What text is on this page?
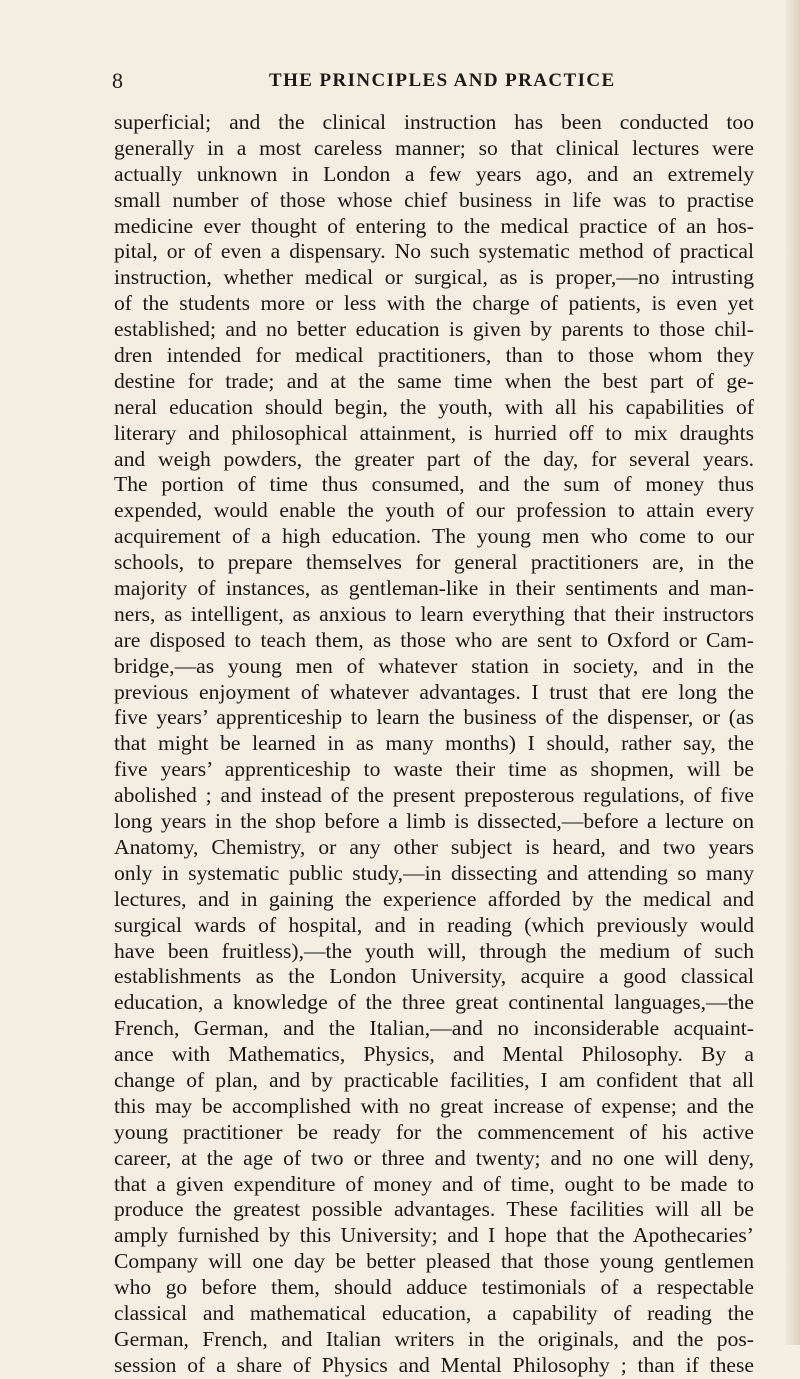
8	THE PRINCIPLES AND PRACTICE
superficial; and the clinical instruction has been conducted too
generally in a most careless manner; so that clinical lectures were
actually unknown in London a few years ago, and an extremely
small number of those whose chief business in life was to practise
medicine ever thought of entering to the medical practice of an hos-
pital, or of even a dispensary. No such systematic method of practical
instruction, whether medical or surgical, as is proper,—no intrusting
of the students more or less with the charge of patients, is even yet
established; and no better education is given by parents to those chil-
dren intended for medical practitioners, than to those whom they
destine for trade; and at the same time when the best part of ge-
neral education should begin, the youth, with all his capabilities of
literary and philosophical attainment, is hurried off to mix draughts
and weigh powders, the greater part of the day, for several years.
The portion of time thus consumed, and the sum of money thus
expended, would enable the youth of our profession to attain every
acquirement of a high education. The young men who come to our
schools, to prepare themselves for general practitioners are, in the
majority of instances, as gentleman-like in their sentiments and man-
ners, as intelligent, as anxious to learn everything that their instructors
are disposed to teach them, as those who are sent to Oxford or Cam-
bridge,—as young men of whatever station in society, and in the
previous enjoyment of whatever advantages. I trust that ere long the
five years’ apprenticeship to learn the business of the dispenser, or (as
that might be learned in as many months) I should, rather say, the
five years’ apprenticeship to waste their time as shopmen, will be
abolished ; and instead of the present preposterous regulations, of five
long years in the shop before a limb is dissected,—before a lecture on
Anatomy, Chemistry, or any other subject is heard, and two years
only in systematic public study,—in dissecting and attending so many
lectures, and in gaining the experience afforded by the medical and
surgical wards of hospital, and in reading (which previously would
have been fruitless),—the youth will, through the medium of such
establishments as the London University, acquire a good classical
education, a knowledge of the three great continental languages,—the
French, German, and the Italian,—and no inconsiderable acquaint-
ance with Mathematics, Physics, and Mental Philosophy. By a
change of plan, and by practicable facilities, I am confident that all
this may be accomplished with no great increase of expense; and the
young practitioner be ready for the commencement of his active
career, at the age of two or three and twenty; and no one will deny,
that a given expenditure of money and of time, ought to be made to
produce the greatest possible advantages. These facilities will all be
amply furnished by this University; and I hope that the Apothecaries’
Company will one day be better pleased that those young gentlemen
who go before them, should adduce testimonials of a respectable
classical and mathematical education, a capability of reading the
German, French, and Italian writers in the originals, and the pos-
session of a share of Physics and Mental Philosophy ; than if these
